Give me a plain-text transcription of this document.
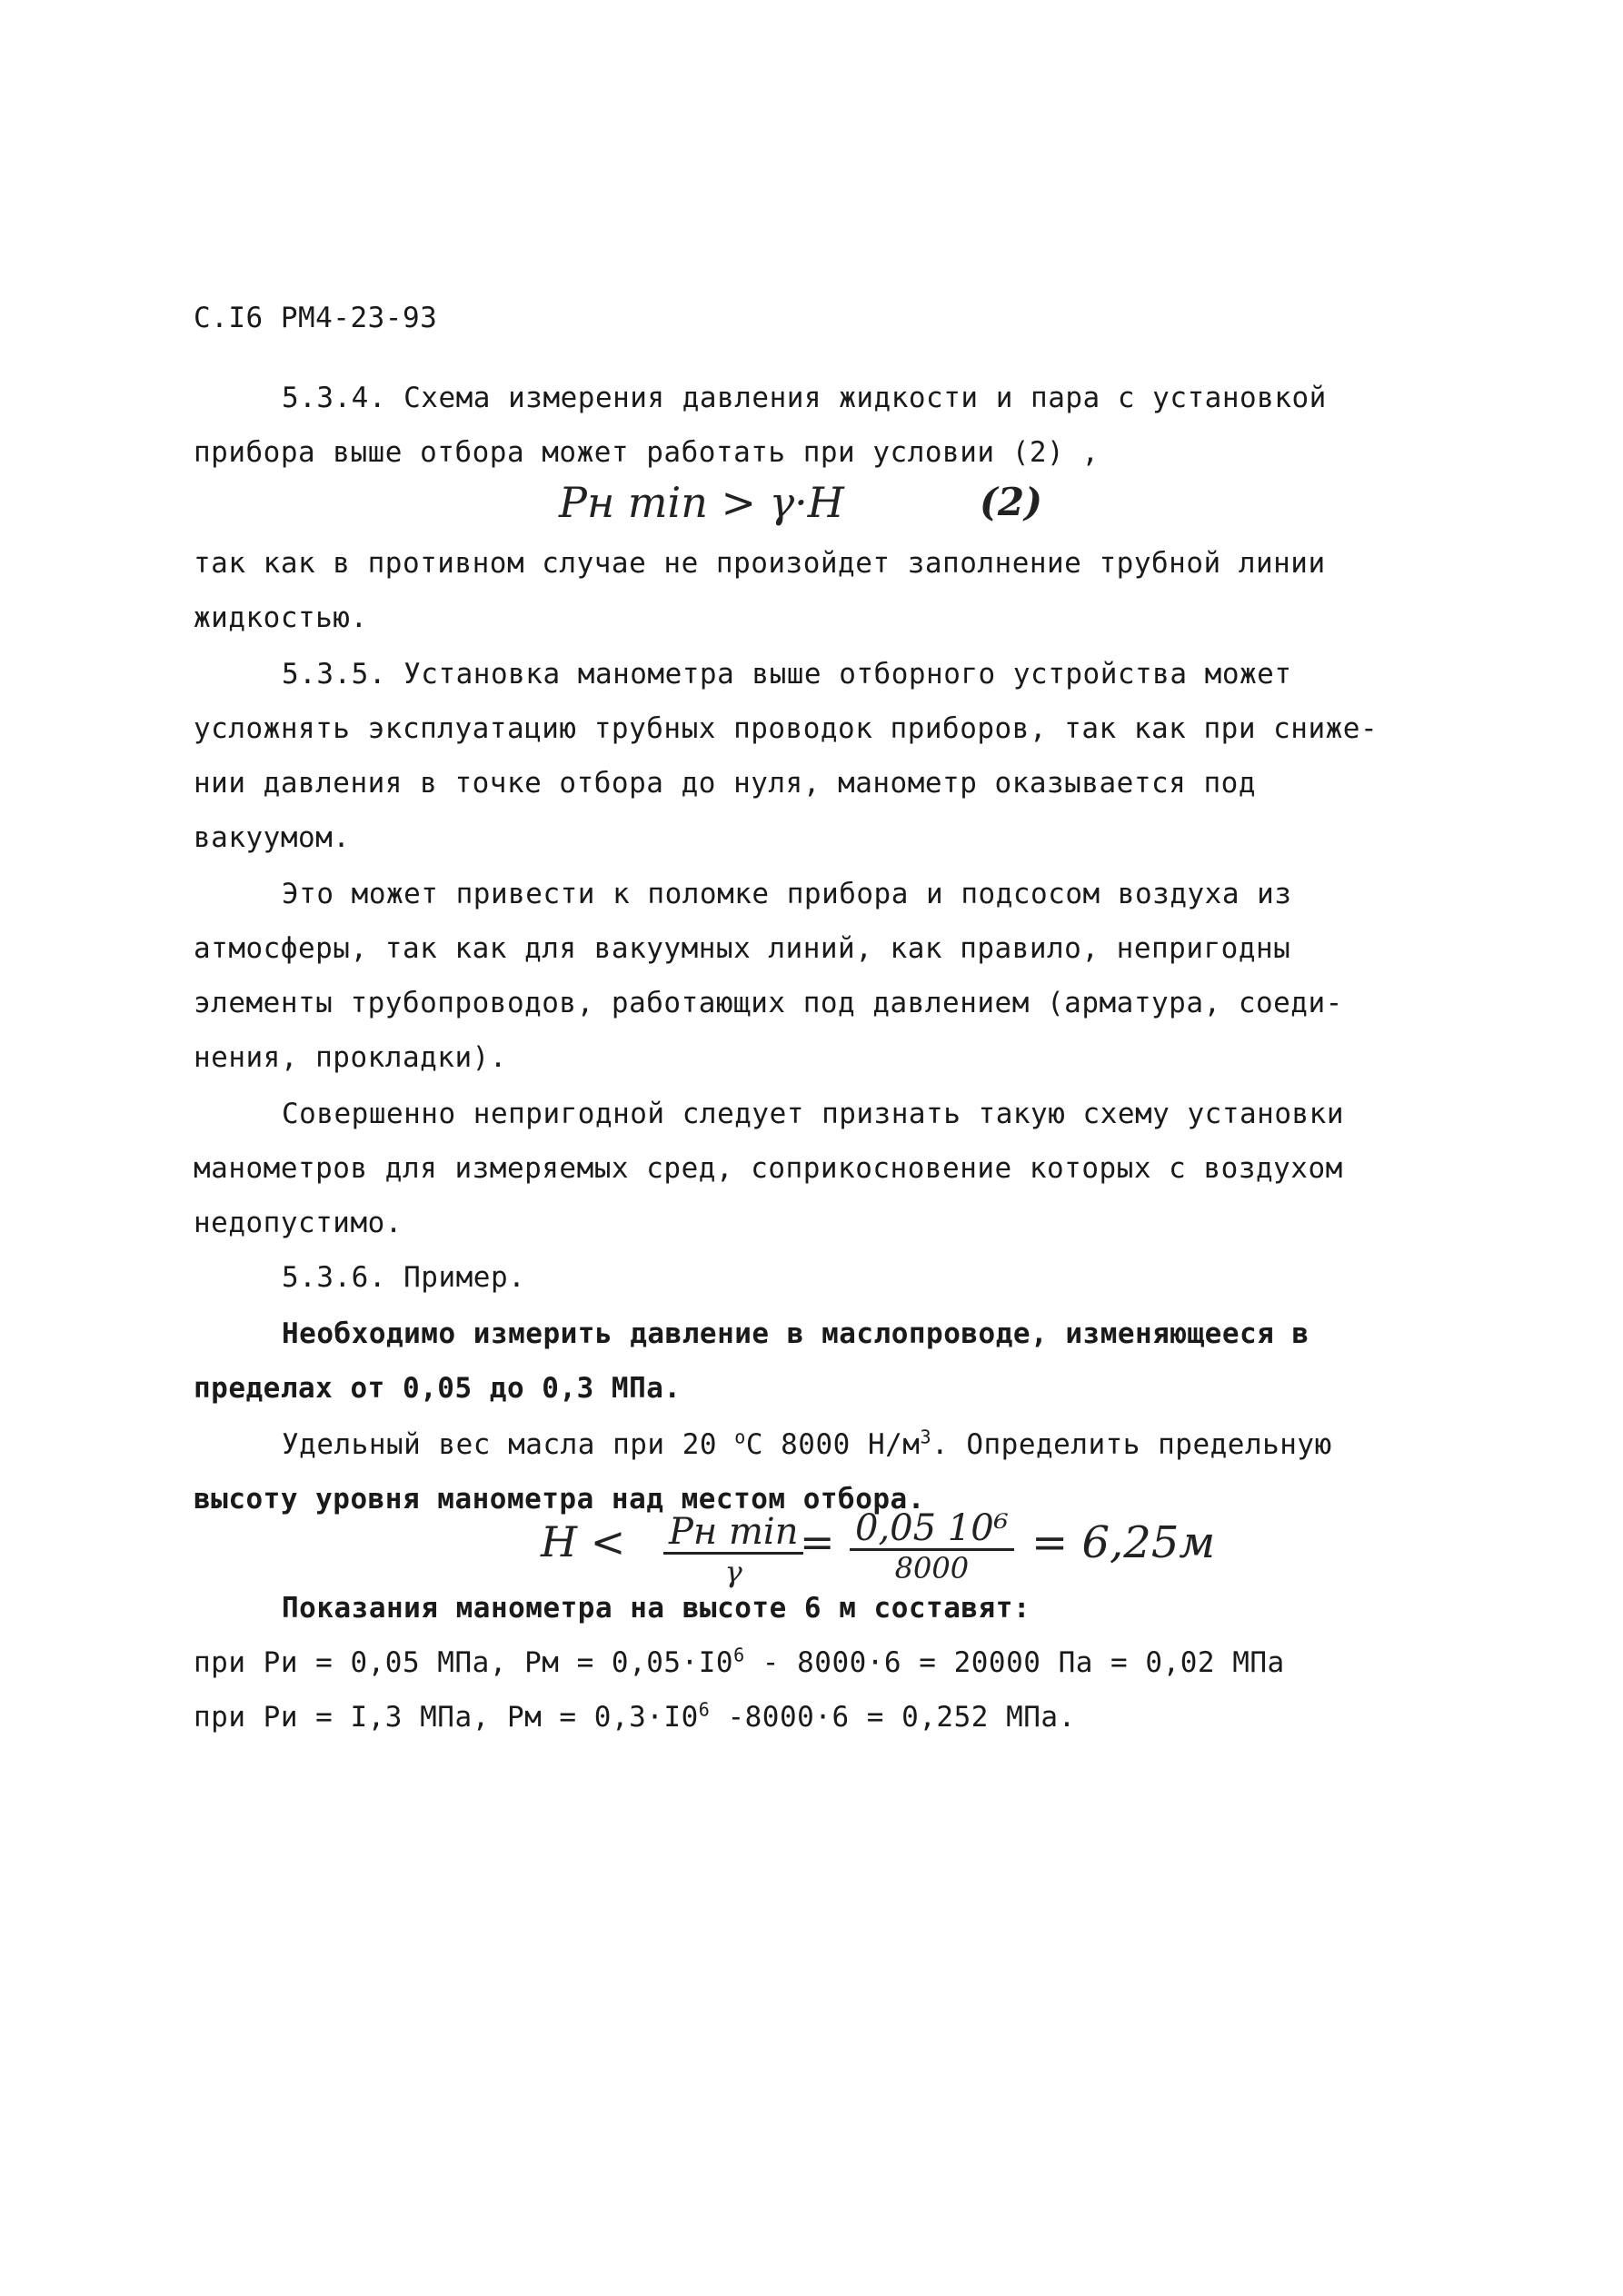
С.I6 РМ4-23-93
5.3.4. Схема измерения давления жидкости и пара с установкой
прибора выше отбора может работать при условии (2) ,
Pн min > γ·H	(2)
так как в противном случае не произойдет заполнение трубной линии
жидкостью.
5.3.5. Установка манометра выше отборного устройства может
усложнять эксплуатацию трубных проводок приборов, так как при сниже-
нии давления в точке отбора до нуля, манометр оказывается под
вакуумом.
Это может привести к поломке прибора и подсосом воздуха из
атмосферы, так как для вакуумных линий, как правило, непригодны
элементы трубопроводов, работающих под давлением (арматура, соеди-
нения, прокладки).
Совершенно непригодной следует признать такую схему установки
манометров для измеряемых сред, соприкосновение которых с воздухом
недопустимо.
5.3.6. Пример.
Необходимо измерить давление в маслопроводе, изменяющееся в
пределах от 0,05 до 0,3 МПа.
Удельный вес масла при 20 $^о$С 8000 $Н/м^3$. Определить предельную
высоту уровня манометра над местом отбора.
H < Pн min
γ
= 0,05 10⁶
8000	= 6,25м
Показания манометра на высоте 6 м составят:
при Pи = 0,05 МПа, Pм = $0,05\cdot I0^6 - 8000\cdot 6 = 20000$ Па = 0,02 МПа
при Pи = I,3 МПа, Pм = $0,3\cdot I0^6$ -8000·6 = 0,252 МПа.
